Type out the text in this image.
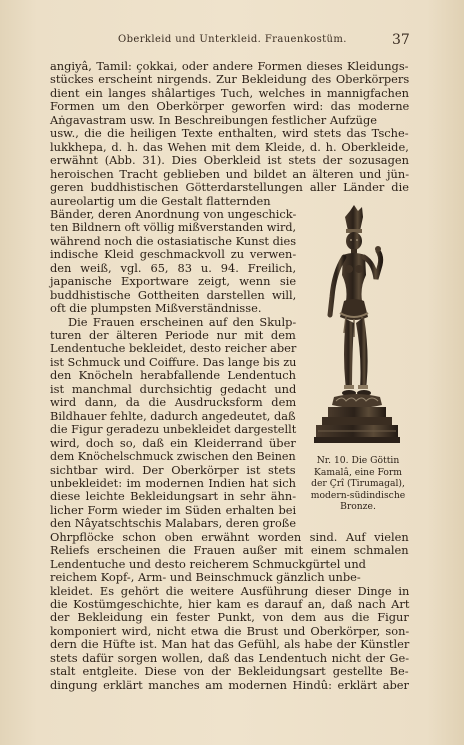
Oberkleid und Unterkleid. Frauenkostüm.	37
angiyâ, Tamil: çokkai, oder andere Formen dieses Kleidungs-
stückes erscheint nirgends. Zur Bekleidung des Oberkörpers
dient ein langes shâlartiges Tuch, welches in mannigfachen
Formen um den Oberkörper geworfen wird: das moderne
Aṅgavastram usw. In Beschreibungen festlicher Aufzüge
usw., die die heiligen Texte enthalten, wird stets das Tsche-
lukkhepa, d. h. das Wehen mit dem Kleide, d. h. Oberkleide,
erwähnt (Abb. 31). Dies Oberkleid ist stets der sozusagen
heroischen Tracht geblieben und bildet an älteren und jün-
geren buddhistischen Götterdarstellungen aller Länder die
aureolartig um die Gestalt flatternden
Bänder, deren Anordnung von ungeschick-
ten Bildnern oft völlig mißverstanden wird,
während noch die ostasiatische Kunst dies
indische Kleid geschmackvoll zu verwen-
den weiß, vgl. 65, 83 u. 94. Freilich,
japanische Exportware zeigt, wenn sie
buddhistische Gottheiten darstellen will,
oft die plumpsten Mißverständnisse.
Die Frauen erscheinen auf den Skulp-
turen der älteren Periode nur mit dem
Lendentuche bekleidet, desto reicher aber
ist Schmuck und Coiffure. Das lange bis zu
den Knöcheln herabfallende Lendentuch
ist manchmal durchsichtig gedacht und
wird dann, da die Ausdrucksform dem
Bildhauer fehlte, dadurch angedeutet, daß
die Figur geradezu unbekleidet dargestellt
wird, doch so, daß ein Kleiderrand über
dem Knöchelschmuck zwischen den Beinen
sichtbar wird. Der Oberkörper ist stets
unbekleidet: im modernen Indien hat sich
diese leichte Bekleidungsart in sehr ähn-
licher Form wieder im Süden erhalten bei
den Nâyatschtschis Malabars, deren große
Ohrpflöcke schon oben erwähnt worden sind. Auf vielen
Reliefs erscheinen die Frauen außer mit einem schmalen
Lendentuche und desto reicherem Schmuckgürtel und
reichem Kopf-, Arm- und Beinschmuck gänzlich unbe-
kleidet. Es gehört die weitere Ausführung dieser Dinge in
die Kostümgeschichte, hier kam es darauf an, daß nach Art
der Bekleidung ein fester Punkt, von dem aus die Figur
komponiert wird, nicht etwa die Brust und Oberkörper, son-
dern die Hüfte ist. Man hat das Gefühl, als habe der Künstler
stets dafür sorgen wollen, daß das Lendentuch nicht der Ge-
stalt entgleite. Diese von der Bekleidungsart gestellte Be-
dingung erklärt manches am modernen Hindû: erklärt aber
Nr. 10. Die Göttin
Kamalâ, eine Form
der Çrî (Tirumagal),
modern-südindische
Bronze.
